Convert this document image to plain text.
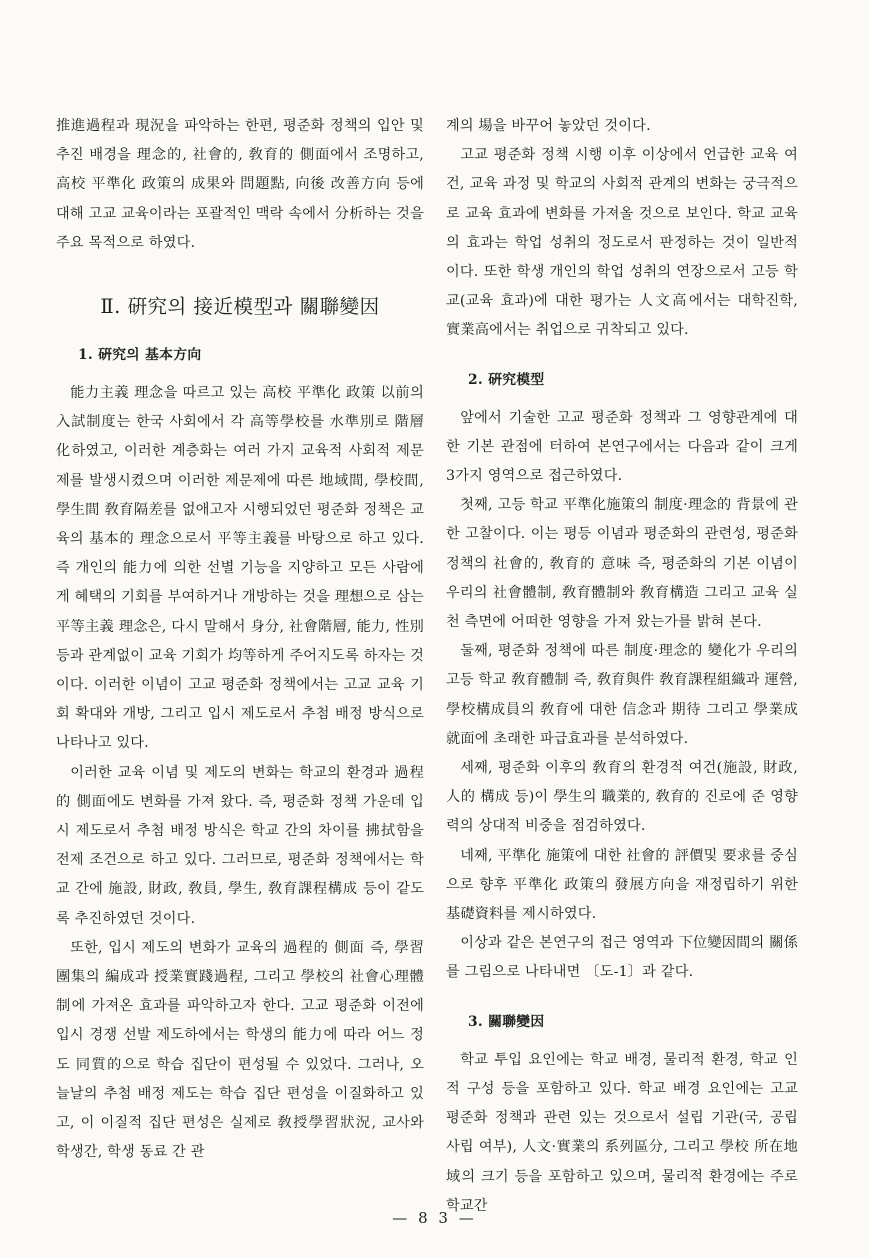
推進過程과 現況을 파악하는 한편, 평준화 정책의 입안 및 추진 배경을 理念的, 社會的, 敎育的 側面에서 조명하고, 高校 平準化 政策의 成果와 問題點, 向後 改善方向 등에 대해 고교 교육이라는 포괄적인 맥락 속에서 分析하는 것을 주요 목적으로 하였다.

Ⅱ. 硏究의 接近模型과 關聯變因
1. 硏究의 基本方向

能力主義 理念을 따르고 있는 高校 平準化 政策 以前의 入試制度는 한국 사회에서 각 高等學校를 水準別로 階層化하였고, 이러한 계층화는 여러 가지 교육적 사회적 제문제를 발생시켰으며 이러한 제문제에 따른 地域間, 學校間, 學生間 敎育隔差를 없애고자 시행되었던 평준화 정책은 교육의 基本的 理念으로서 平等主義를 바탕으로 하고 있다. 즉 개인의 能力에 의한 선별 기능을 지양하고 모든 사람에게 혜택의 기회를 부여하거나 개방하는 것을 理想으로 삼는 平等主義 理念은, 다시 말해서 身分, 社會階層, 能力, 性別 등과 관계없이 교육 기회가 均等하게 주어지도록 하자는 것이다. 이러한 이념이 고교 평준화 정책에서는 고교 교육 기회 확대와 개방, 그리고 입시 제도로서 추첨 배정 방식으로 나타나고 있다.

이러한 교육 이념 및 제도의 변화는 학교의 환경과 過程的 側面에도 변화를 가져 왔다. 즉, 평준화 정책 가운데 입시 제도로서 추첨 배정 방식은 학교 간의 차이를 拂拭함을 전제 조건으로 하고 있다. 그러므로, 평준화 정책에서는 학교 간에 施設, 財政, 敎員, 學生, 敎育課程構成 등이 같도록 추진하였던 것이다.

또한, 입시 제도의 변화가 교육의 過程的 側面 즉, 學習團集의 編成과 授業實踐過程, 그리고 學校의 社會心理體制에 가져온 효과를 파악하고자 한다. 고교 평준화 이전에 입시 경쟁 선발 제도하에서는 학생의 能力에 따라 어느 정도 同質的으로 학습 집단이 편성될 수 있었다. 그러나, 오늘날의 추첨 배정 제도는 학습 집단 편성을 이질화하고 있고, 이 이질적 집단 편성은 실제로 敎授學習狀況, 교사와 학생간, 학생 동료 간 관

계의 場을 바꾸어 놓았던 것이다.

고교 평준화 정책 시행 이후 이상에서 언급한 교육 여건, 교육 과정 및 학교의 사회적 관계의 변화는 궁극적으로 교육 효과에 변화를 가져올 것으로 보인다. 학교 교육의 효과는 학업 성취의 정도로서 판정하는 것이 일반적이다. 또한 학생 개인의 학업 성취의 연장으로서 고등 학교(교육 효과)에 대한 평가는 人文高에서는 대학진학, 實業高에서는 취업으로 귀착되고 있다.

2. 硏究模型

앞에서 기술한 고교 평준화 정책과 그 영향관계에 대한 기본 관점에 터하여 본연구에서는 다음과 같이 크게 3가지 영역으로 접근하였다.

첫째, 고등 학교 平準化施策의 制度·理念的 背景에 관한 고찰이다. 이는 평등 이념과 평준화의 관련성, 평준화 정책의 社會的, 敎育的 意味 즉, 평준화의 기본 이념이 우리의 社會體制, 敎育體制와 敎育構造 그리고 교육 실천 측면에 어떠한 영향을 가져 왔는가를 밝혀 본다.

둘째, 평준화 정책에 따른 制度·理念的 變化가 우리의 고등 학교 敎育體制 즉, 敎育與件 敎育課程組織과 運營, 學校構成員의 敎育에 대한 信念과 期待 그리고 學業成就面에 초래한 파급효과를 분석하였다.

세째, 평준화 이후의 敎育의 환경적 여건(施設, 財政, 人的 構成 등)이 學生의 職業的, 敎育的 진로에 준 영향력의 상대적 비중을 점검하였다.

네째, 平準化 施策에 대한 社會的 評價및 要求를 중심으로 향후 平準化 政策의 發展方向을 재정립하기 위한 基礎資料를 제시하였다.

이상과 같은 본연구의 접근 영역과 下位變因間의 關係를 그림으로 나타내면 〔도-1〕과 같다.

3. 關聯變因

학교 투입 요인에는 학교 배경, 물리적 환경, 학교 인적 구성 등을 포함하고 있다. 학교 배경 요인에는 고교 평준화 정책과 관련 있는 것으로서 설립 기관(국, 공립 사립 여부), 人文·實業의 系列區分, 그리고 學校 所在地域의 크기 등을 포함하고 있으며, 물리적 환경에는 주로 학교간

— 8 3 —
